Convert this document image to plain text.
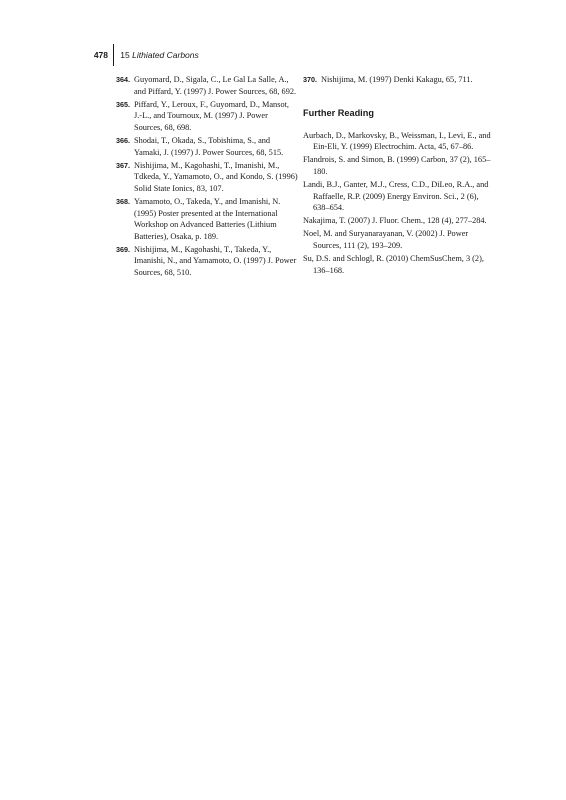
478	15 Lithiated Carbons
364. Guyomard, D., Sigala, C., Le Gal La Salle, A., and Piffard, Y. (1997) J. Power Sources, 68, 692.
365. Piffard, Y., Leroux, F., Guyomard, D., Mansot, J.-L., and Tournoux, M. (1997) J. Power Sources, 68, 698.
366. Shodai, T., Okada, S., Tobishima, S., and Yamaki, J. (1997) J. Power Sources, 68, 515.
367. Nishijima, M., Kagohashi, T., Imanishi, M., Tdkeda, Y., Yamamoto, O., and Kondo, S. (1996) Solid State Ionics, 83, 107.
368. Yamamoto, O., Takeda, Y., and Imanishi, N. (1995) Poster presented at the International Workshop on Advanced Batteries (Lithium Batteries), Osaka, p. 189.
369. Nishijima, M., Kagohashi, T., Takeda, Y., Imanishi, N., and Yamamoto, O. (1997) J. Power Sources, 68, 510.
370. Nishijima, M. (1997) Denki Kakagu, 65, 711.
Further Reading
Aurbach, D., Markovsky, B., Weissman, I., Levi, E., and Ein-Eli, Y. (1999) Electrochim. Acta, 45, 67–86.
Flandrois, S. and Simon, B. (1999) Carbon, 37 (2), 165–180.
Landi, B.J., Ganter, M.J., Cress, C.D., DiLeo, R.A., and Raffaelle, R.P. (2009) Energy Environ. Sci., 2 (6), 638–654.
Nakajima, T. (2007) J. Fluor. Chem., 128 (4), 277–284.
Noel, M. and Suryanarayanan, V. (2002) J. Power Sources, 111 (2), 193–209.
Su, D.S. and Schlogl, R. (2010) ChemSusChem, 3 (2), 136–168.
